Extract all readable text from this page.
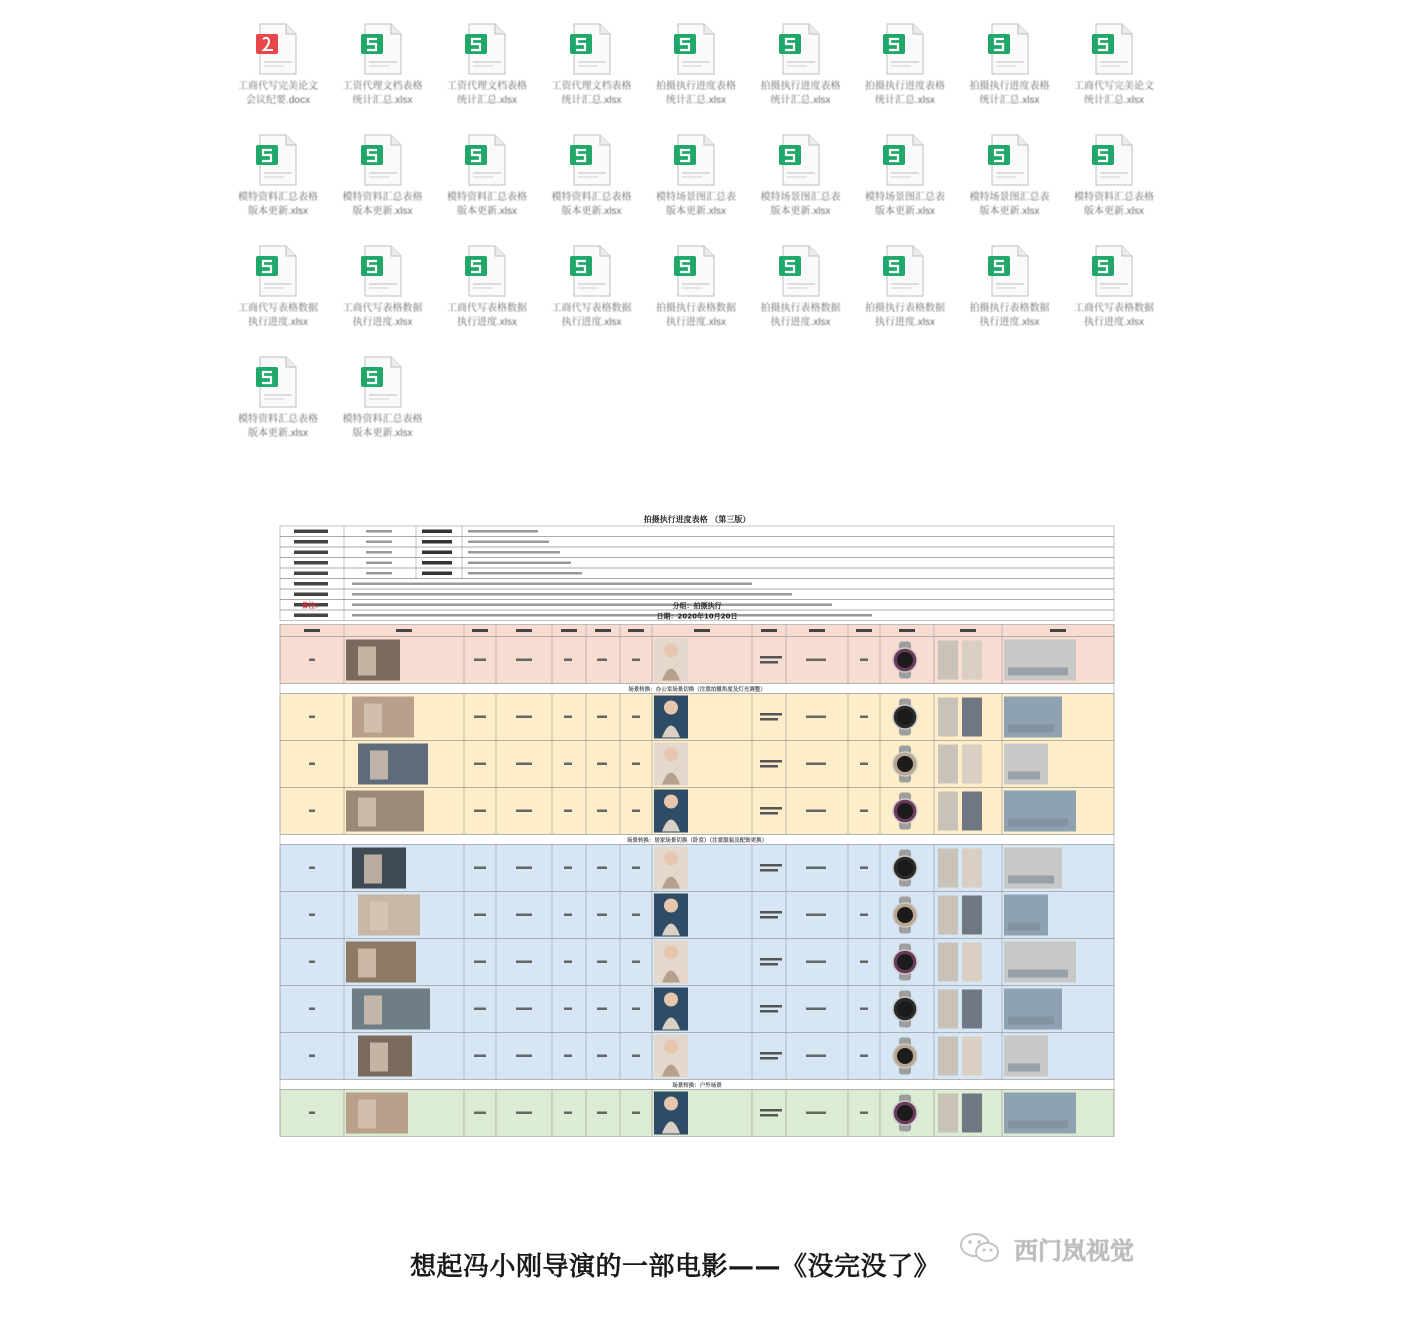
工商代写完美论文
会议纪要.docx
工资代理文档表格
统计汇总.xlsx
工资代理文档表格
统计汇总.xlsx
工资代理文档表格
统计汇总.xlsx
拍摄执行进度表格
统计汇总.xlsx
拍摄执行进度表格
统计汇总.xlsx
拍摄执行进度表格
统计汇总.xlsx
拍摄执行进度表格
统计汇总.xlsx
工商代写完美论文
统计汇总.xlsx
模特资料汇总表格
版本更新.xlsx
模特资料汇总表格
版本更新.xlsx
模特资料汇总表格
版本更新.xlsx
模特资料汇总表格
版本更新.xlsx
模特场景图汇总表
版本更新.xlsx
模特场景图汇总表
版本更新.xlsx
模特场景图汇总表
版本更新.xlsx
模特场景图汇总表
版本更新.xlsx
模特资料汇总表格
版本更新.xlsx
工商代写表格数据
执行进度.xlsx
工商代写表格数据
执行进度.xlsx
工商代写表格数据
执行进度.xlsx
工商代写表格数据
执行进度.xlsx
拍摄执行表格数据
执行进度.xlsx
拍摄执行表格数据
执行进度.xlsx
拍摄执行表格数据
执行进度.xlsx
拍摄执行表格数据
执行进度.xlsx
工商代写表格数据
执行进度.xlsx
模特资料汇总表格
版本更新.xlsx
模特资料汇总表格
版本更新.xlsx
拍摄执行进度表格 （第三版）
备注：	分组：拍摄执行
日期：2020年10月20日
场景转换：办公室场景切换（注意拍摄角度及灯光调整）
场景转换：居家场景切换（卧室）（注意服装及配饰更换）
场景转换：户外场景
想起冯小刚导演的一部电影——《没完没了》
西门岚视觉
